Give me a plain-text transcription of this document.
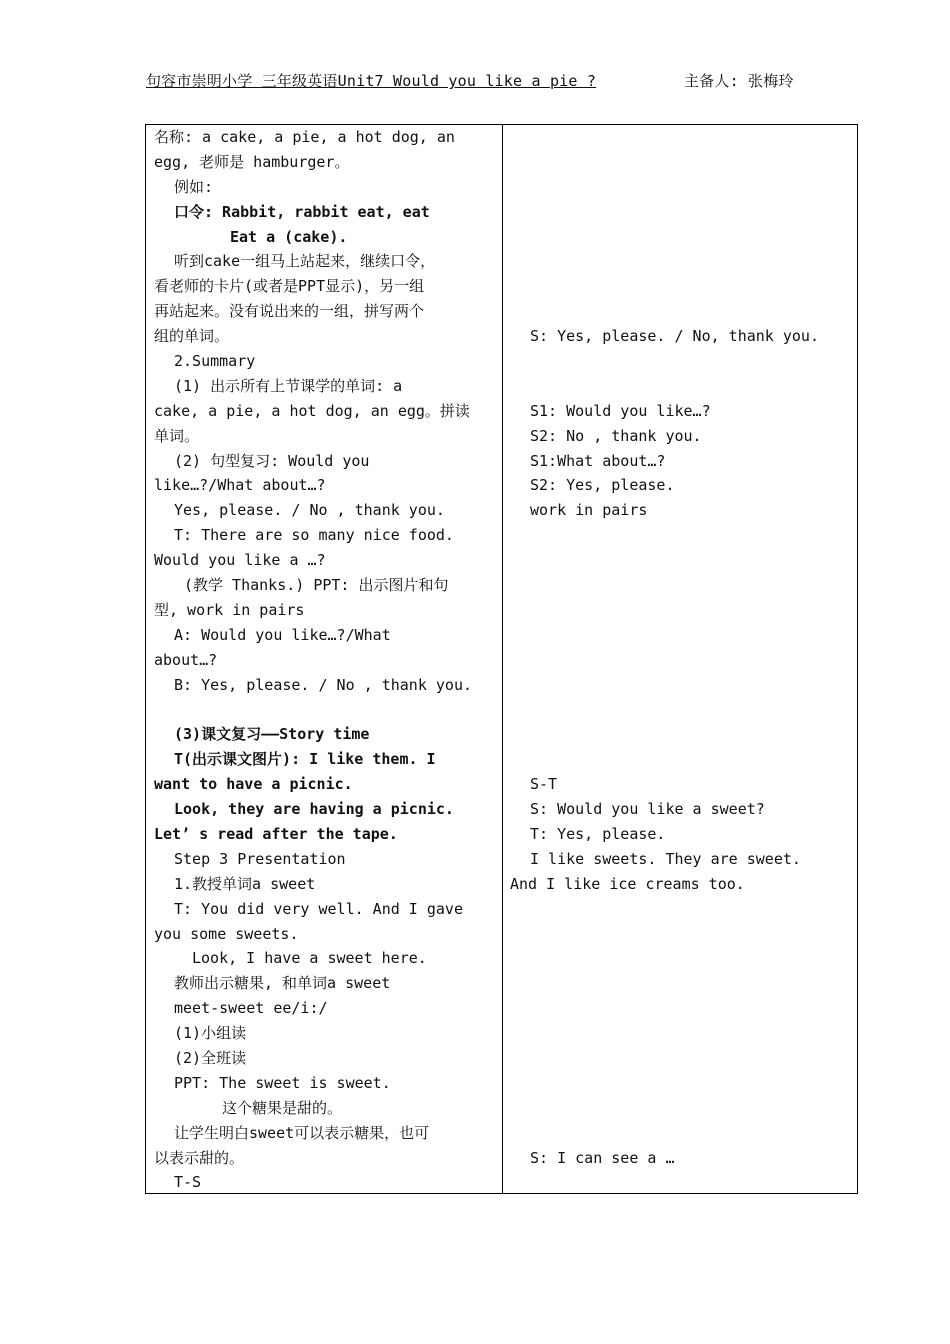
句容市崇明小学 三年级英语Unit7 Would you like a pie ?	主备人: 张梅玲
名称: a cake, a pie, a hot dog, an
egg, 老师是 hamburger。
例如:
口令: Rabbit, rabbit eat, eat
Eat a (cake).
听到cake一组马上站起来，继续口令，
看老师的卡片(或者是PPT显示)，另一组
再站起来。没有说出来的一组，拼写两个
组的单词。
2.Summary
(1) 出示所有上节课学的单词: a
cake, a pie, a hot dog, an egg。拼读
单词。
(2) 句型复习: Would you
like…?/What about…?
Yes, please. / No , thank you.
T: There are so many nice food.
Would you like a …?
(教学 Thanks.) PPT: 出示图片和句
型, work in pairs
A: Would you like…?/What
about…?
B: Yes, please. / No , thank you.
(3)课文复习——Story time
T(出示课文图片): I like them. I
want to have a picnic.
Look, they are having a picnic.
Let’ s read after the tape.
Step 3 Presentation
1.教授单词a sweet
T: You did very well. And I gave
you some sweets.
Look, I have a sweet here.
教师出示糖果, 和单词a sweet
meet-sweet ee/i:/
(1)小组读
(2)全班读
PPT: The sweet is sweet.
这个糖果是甜的。
让学生明白sweet可以表示糖果，也可
以表示甜的。
T-S
S: Yes, please. / No, thank you.
S1: Would you like…?
S2: No , thank you.
S1:What about…?
S2: Yes, please.
work in pairs
S-T
S: Would you like a sweet?
T: Yes, please.
I like sweets. They are sweet.
And I like ice creams too.
S: I can see a …
